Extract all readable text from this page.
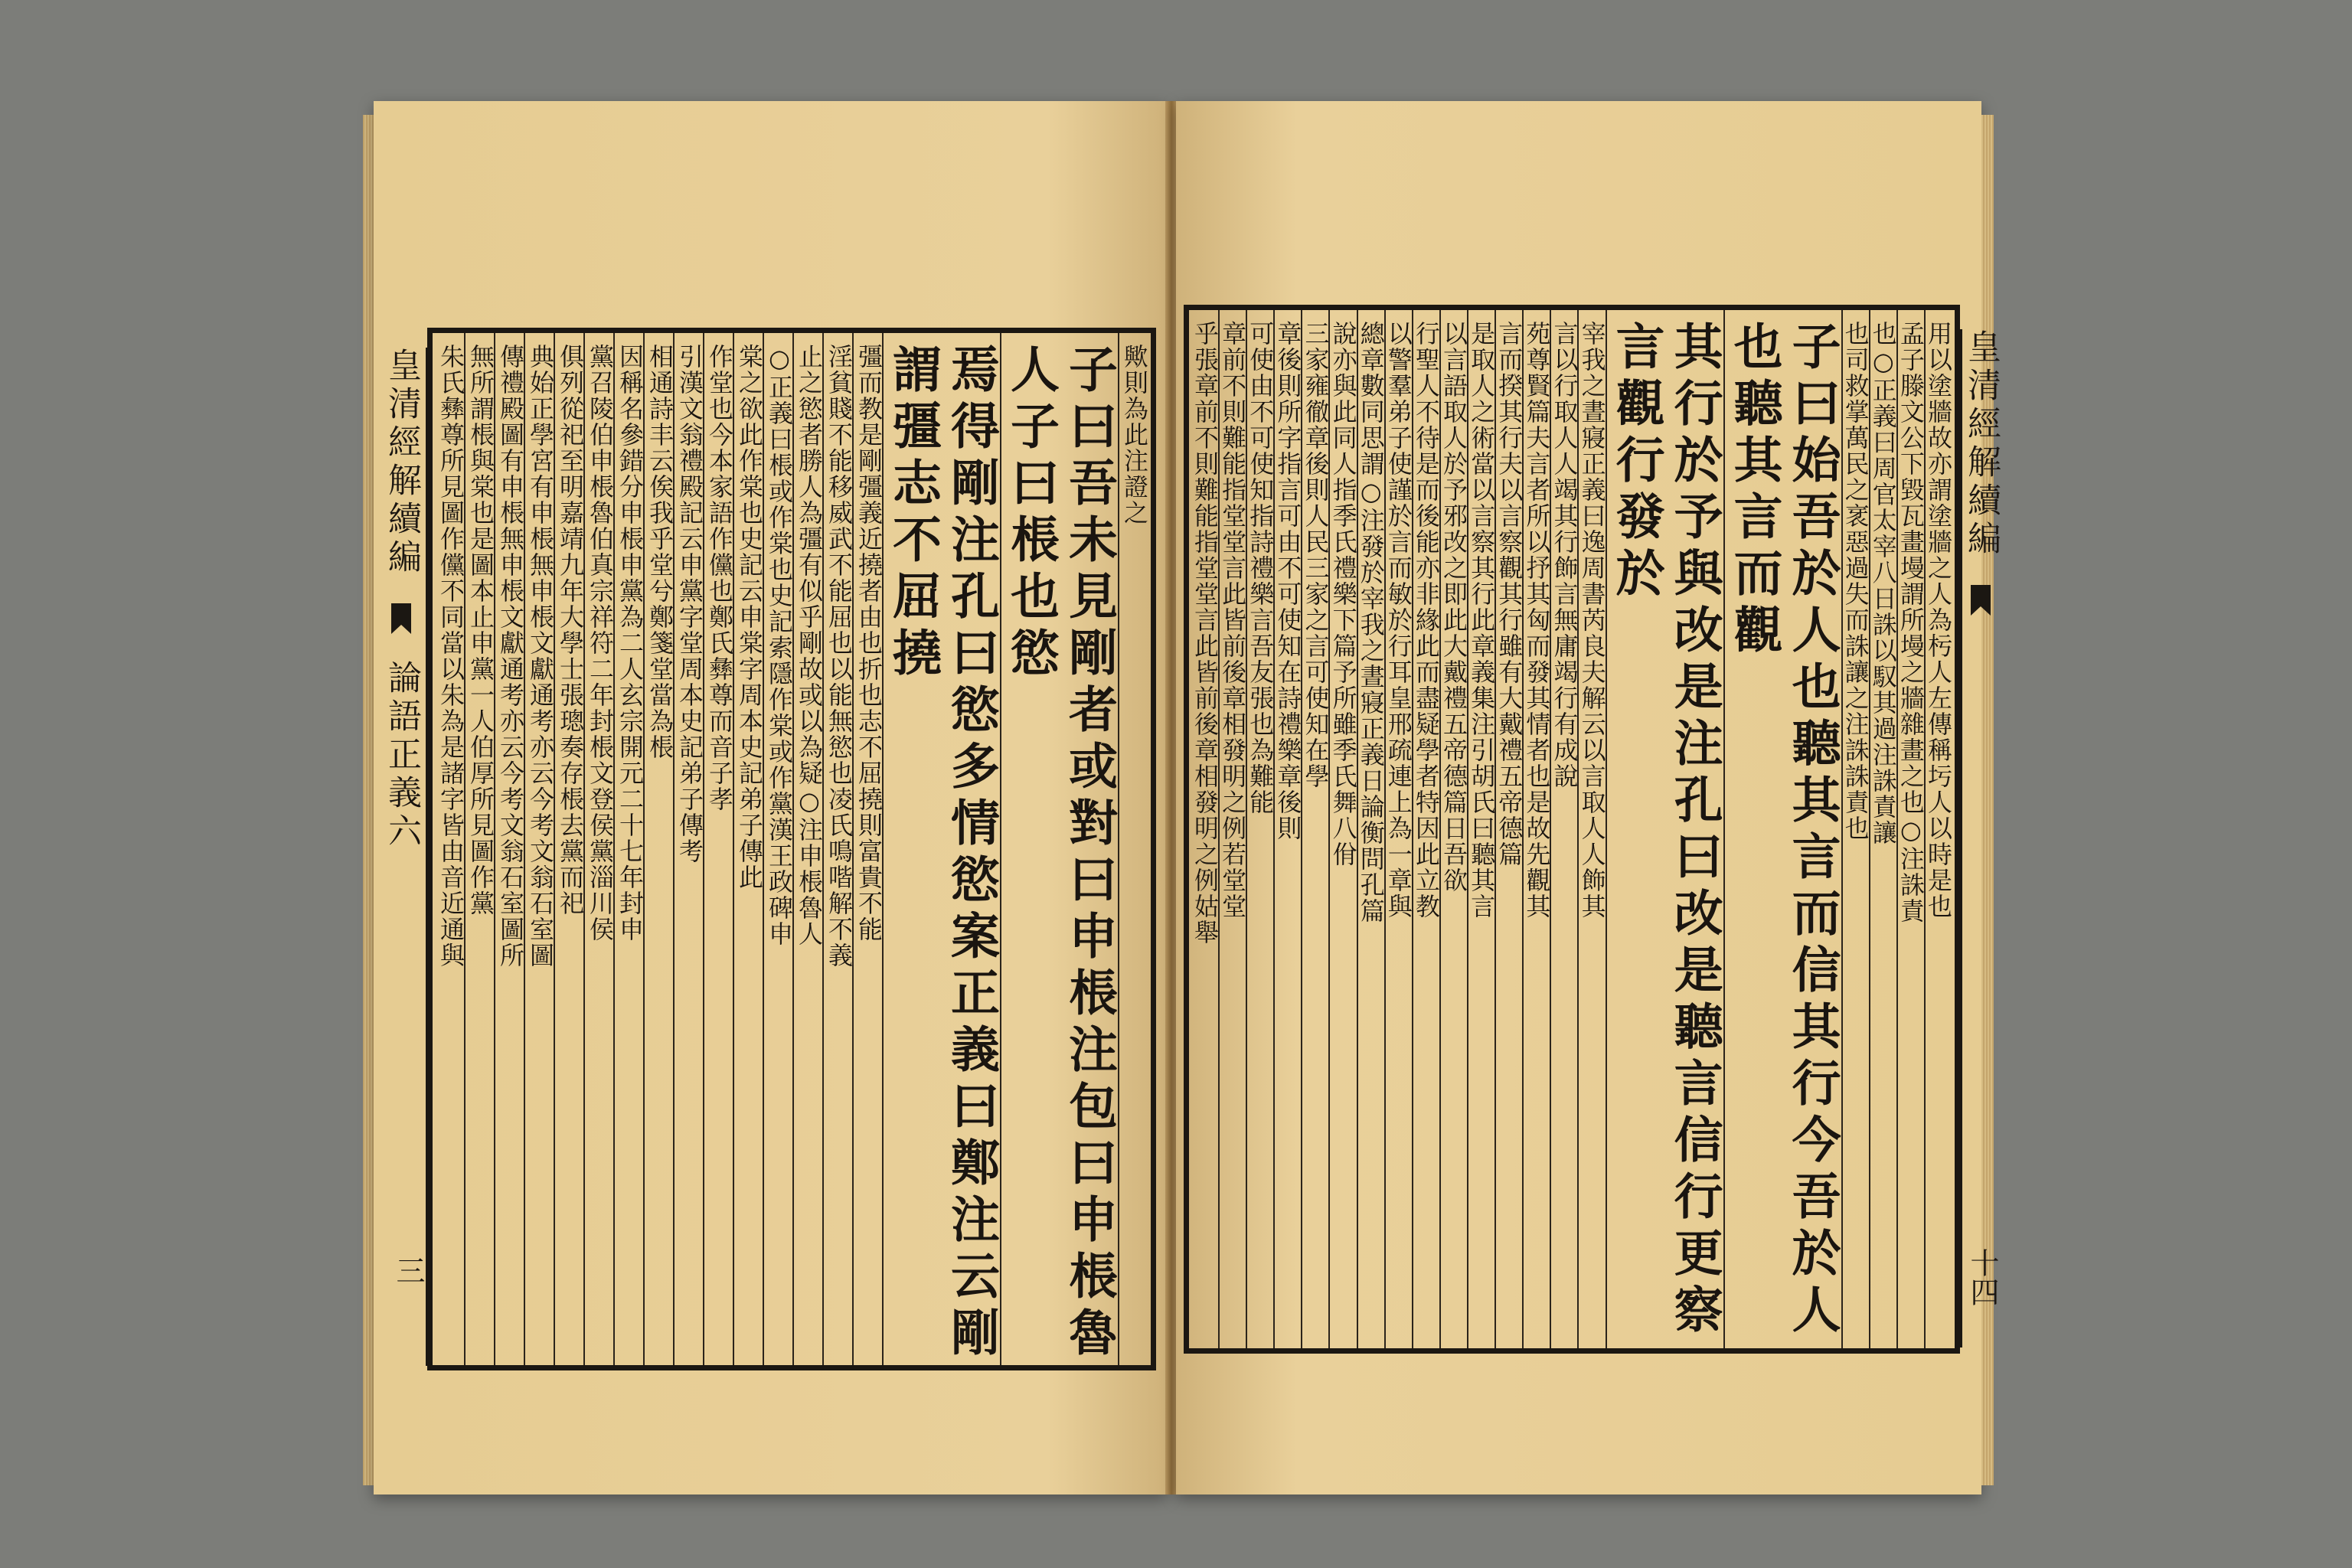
皇清經解續編  論語正義六
三
歟則為此注證之
子曰吾未見剛者或對曰申棖注包曰申棖魯人子曰棖也慾
焉得剛注孔曰慾多情慾案正義曰鄭注云剛謂彊志不屈撓
彊而教是剛彊義近撓者由也折也志不屈撓則富貴不能
淫貧賤不能移威武不能屈也以能無慾也凌氏鳴喈解不義
止之慾者勝人為彊有似乎剛故或以為疑○注申棖魯人
○正義曰棖或作棠也史記索隱作棠或作黨漢王政碑申
棠之欲此作棠也史記云申棠字周本史記弟子傳此
作堂也今本家語作儻也鄭氏彝尊而音子孝
引漢文翁禮殿記云申黨字堂周本史記弟子傳考
相通詩丰云俟我乎堂兮鄭箋堂當為棖
因稱名參錯分申棖申黨為二人玄宗開元二十七年封申
黨召陵伯申棖魯伯真宗祥符二年封棖文登侯黨淄川侯
俱列從祀至明嘉靖九年大學士張璁奏存棖去黨而祀
典始正學宮有申棖無申棖文獻通考亦云今考文翁石室圖
傳禮殿圖有申棖無申棖文獻通考亦云今考文翁石室圖所
無所謂棖與棠也是圖本止申黨一人伯厚所見圖作黨
朱氏彝尊所見圖作儻不同當以朱為是諸字皆由音近通與	用以塗牆故亦謂塗牆之人為杇人左傳稱圬人以時是也
孟子滕文公下毀瓦畫墁謂所墁之牆雜畫之也○注誅責
也○正義曰周官太宰八日誅以馭其過注誅責讓
也司救掌萬民之衺惡過失而誅讓之注誅誅責也
子曰始吾於人也聽其言而信其行今吾於人也聽其言而觀
其行於予與改是注孔曰改是聽言信行更察言觀行發於
宰我之晝寢正義曰逸周書芮良夫解云以言取人人飾其
言以行取人人竭其行飾言無庸竭行有成說
苑尊賢篇夫言者所以抒其匈而發其情者也是故先觀其
言而揆其行夫以言察觀其行雖有大戴禮五帝德篇
是取人之術當以言察其行此章義集注引胡氏曰聽其言
以言語取人於予邪改之即此大戴禮五帝德篇日吾欲
行聖人不待是而後能亦非緣此而盡疑學者特因此立教
以警羣弟子使謹於言而敏於行耳皇邢疏連上為一章與
總章數同思謂○注發於宰我之晝寢正義日論衡問孔篇
說亦與此同人指季氏禮樂下篇予所雖季氏舞八佾
三家雍徹章後則人民三家之言可使知在學
章後則所字指言可由不可使知在詩禮樂章後則
可使由不可使知指詩禮樂言吾友張也為難能
章前不則難能指堂堂言此皆前後章相發明之例若堂堂
乎張章前不則難能指堂堂言此皆前後章相發明之例姑舉	皇清經解續編
十四
